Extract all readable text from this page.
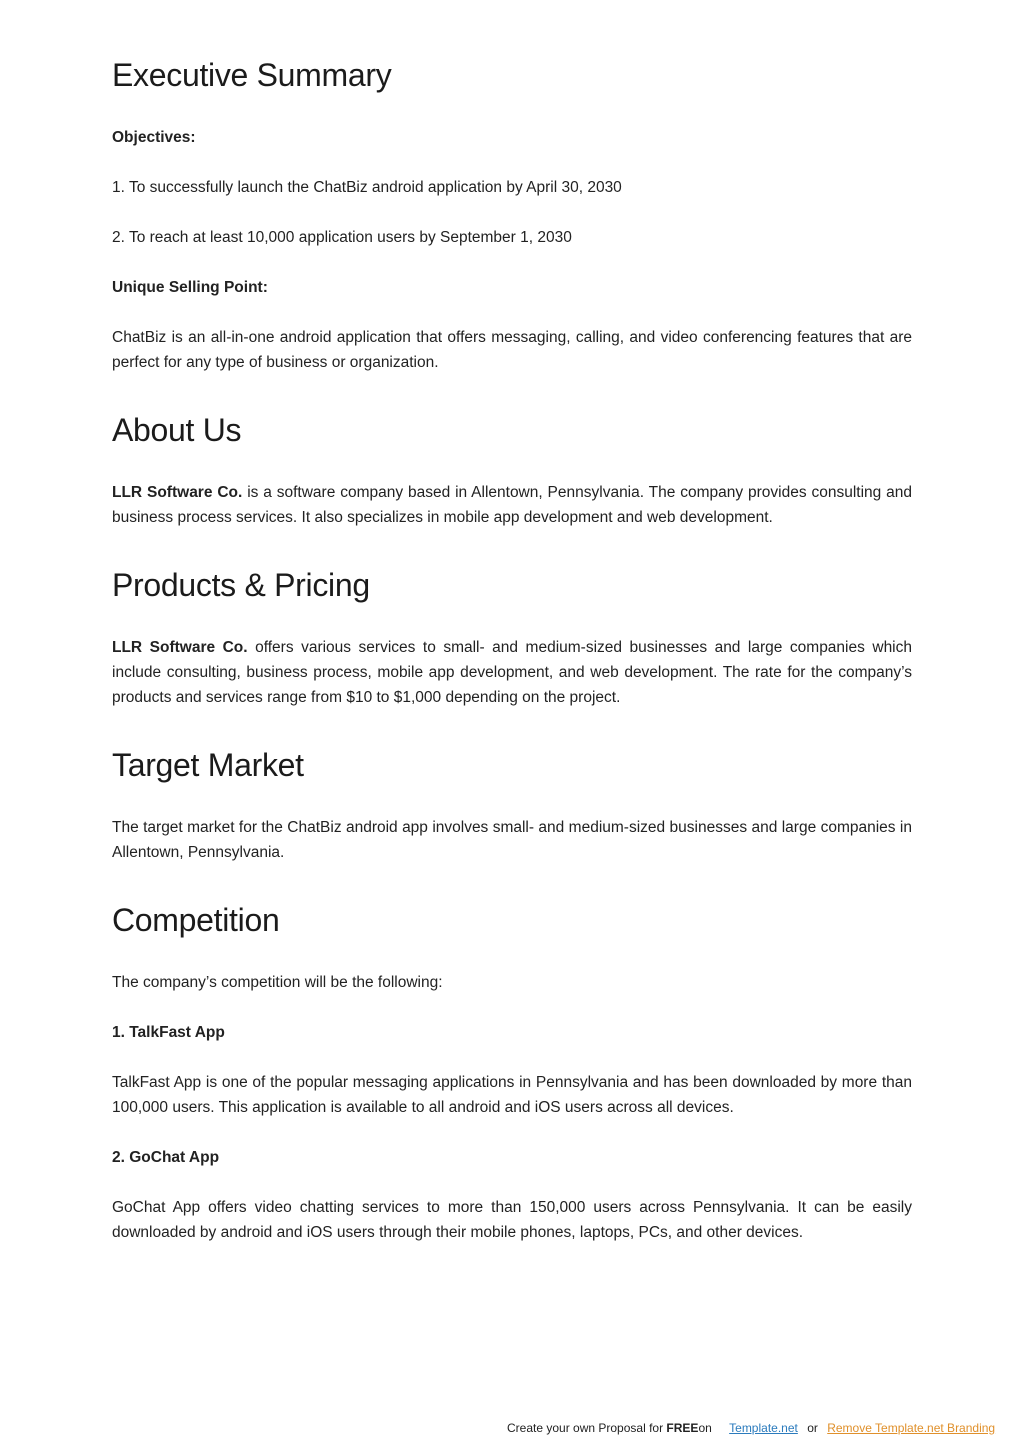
Executive Summary

Objectives:

1. To successfully launch the ChatBiz android application by April 30, 2030

2. To reach at least 10,000 application users by September 1, 2030

Unique Selling Point:

ChatBiz is an all-in-one android application that offers messaging, calling, and video conferencing features that are perfect for any type of business or organization.

About Us

LLR Software Co. is a software company based in Allentown, Pennsylvania. The company provides consulting and business process services. It also specializes in mobile app development and web development.

Products & Pricing

LLR Software Co. offers various services to small- and medium-sized businesses and large companies which include consulting, business process, mobile app development, and web development. The rate for the company’s products and services range from $10 to $1,000 depending on the project.

Target Market

The target market for the ChatBiz android app involves small- and medium-sized businesses and large companies in Allentown, Pennsylvania.

Competition

The company’s competition will be the following:

1. TalkFast App

TalkFast App is one of the popular messaging applications in Pennsylvania and has been downloaded by more than 100,000 users. This application is available to all android and iOS users across all devices.

2. GoChat App

GoChat App offers video chatting services to more than 150,000 users across Pennsylvania. It can be easily downloaded by android and iOS users through their mobile phones, laptops, PCs, and other devices.

Create your own Proposal for FREEon Template.net or Remove Template.net Branding
